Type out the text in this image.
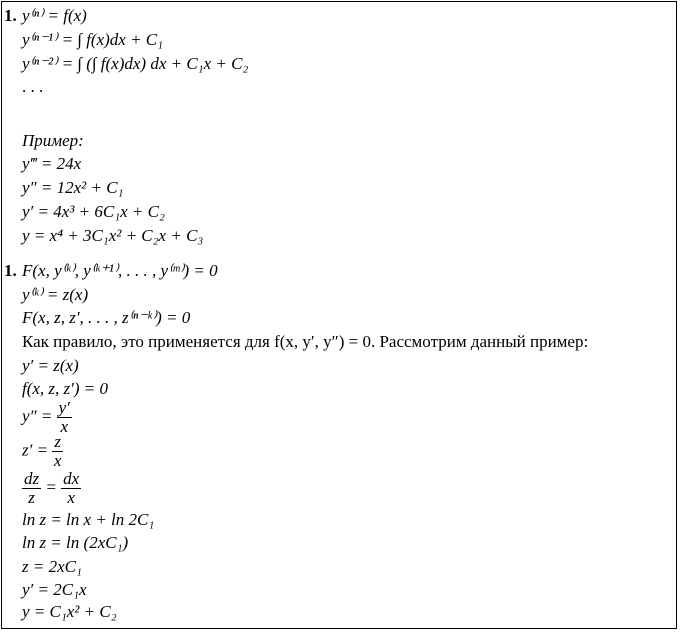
1. y⁽ⁿ⁾ = f(x)
y⁽ⁿ⁻¹⁾ = ∫ f(x)dx + C₁
y⁽ⁿ⁻²⁾ = ∫ (∫ f(x)dx) dx + C₁x + C₂
. . .
Пример:
y‴ = 24x
y″ = 12x² + C₁
y′ = 4x³ + 6C₁x + C₂
y = x⁴ + 3C₁x² + C₂x + C₃
1. F(x, y⁽ᵏ⁾, y⁽ᵏ⁺¹⁾, . . . , y⁽ᵐ⁾) = 0
y⁽ᵏ⁾ = z(x)
F(x, z, z′, . . . , z⁽ⁿ⁻ᵏ⁾) = 0
Как правило, это применяется для f(x, y′, y″) = 0. Рассмотрим данный пример:
y′ = z(x)
f(x, z, z′) = 0
$y'' = \frac{y'}{x}$
$z' = \frac{z}{x}$
$\frac{dz}{z} = \frac{dx}{x}$
ln z = ln x + ln 2C₁
ln z = ln (2xC₁)
z = 2xC₁
y′ = 2C₁x
y = C₁x² + C₂
